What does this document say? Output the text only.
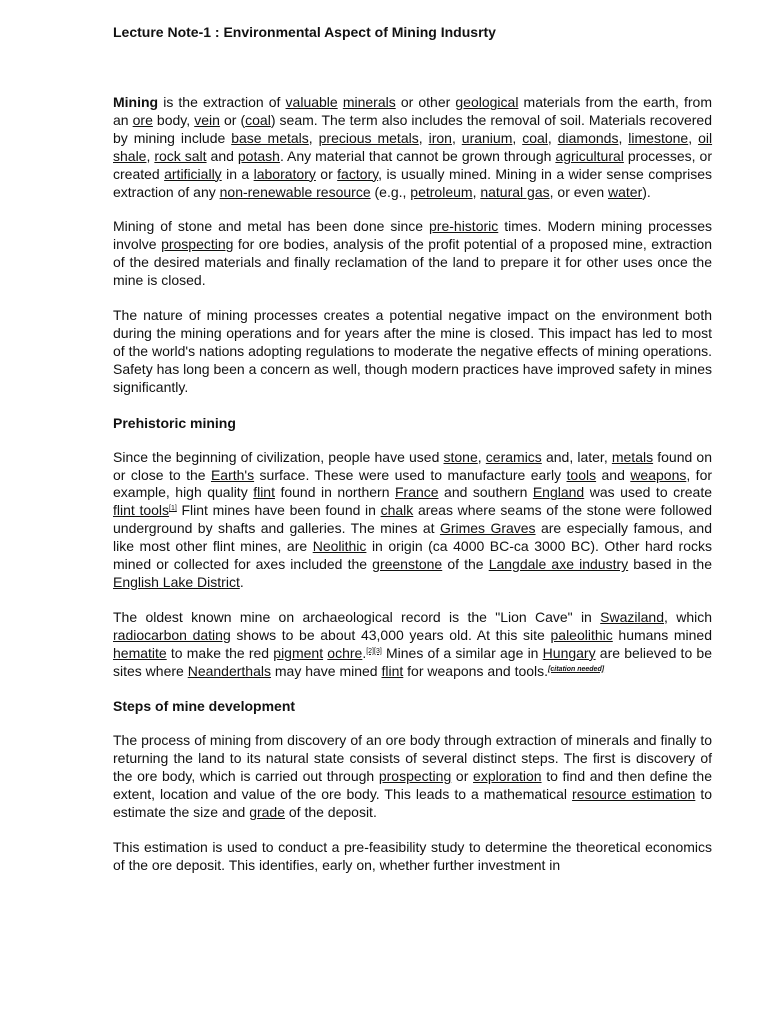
Lecture Note-1 : Environmental Aspect of Mining Indusrty

Mining is the extraction of valuable minerals or other geological materials from the earth, from an ore body, vein or (coal) seam. The term also includes the removal of soil. Materials recovered by mining include base metals, precious metals, iron, uranium, coal, diamonds, limestone, oil shale, rock salt and potash. Any material that cannot be grown through agricultural processes, or created artificially in a laboratory or factory, is usually mined. Mining in a wider sense comprises extraction of any non-renewable resource (e.g., petroleum, natural gas, or even water).

Mining of stone and metal has been done since pre-historic times. Modern mining processes involve prospecting for ore bodies, analysis of the profit potential of a proposed mine, extraction of the desired materials and finally reclamation of the land to prepare it for other uses once the mine is closed.

The nature of mining processes creates a potential negative impact on the environment both during the mining operations and for years after the mine is closed. This impact has led to most of the world's nations adopting regulations to moderate the negative effects of mining operations. Safety has long been a concern as well, though modern practices have improved safety in mines significantly.

Prehistoric mining

Since the beginning of civilization, people have used stone, ceramics and, later, metals found on or close to the Earth's surface. These were used to manufacture early tools and weapons, for example, high quality flint found in northern France and southern England was used to create flint tools[1] Flint mines have been found in chalk areas where seams of the stone were followed underground by shafts and galleries. The mines at Grimes Graves are especially famous, and like most other flint mines, are Neolithic in origin (ca 4000 BC-ca 3000 BC). Other hard rocks mined or collected for axes included the greenstone of the Langdale axe industry based in the English Lake District.

The oldest known mine on archaeological record is the "Lion Cave" in Swaziland, which radiocarbon dating shows to be about 43,000 years old. At this site paleolithic humans mined hematite to make the red pigment ochre.[2][3] Mines of a similar age in Hungary are believed to be sites where Neanderthals may have mined flint for weapons and tools.[citation needed]

Steps of mine development

The process of mining from discovery of an ore body through extraction of minerals and finally to returning the land to its natural state consists of several distinct steps. The first is discovery of the ore body, which is carried out through prospecting or exploration to find and then define the extent, location and value of the ore body. This leads to a mathematical resource estimation to estimate the size and grade of the deposit.

This estimation is used to conduct a pre-feasibility study to determine the theoretical economics of the ore deposit. This identifies, early on, whether further investment in
